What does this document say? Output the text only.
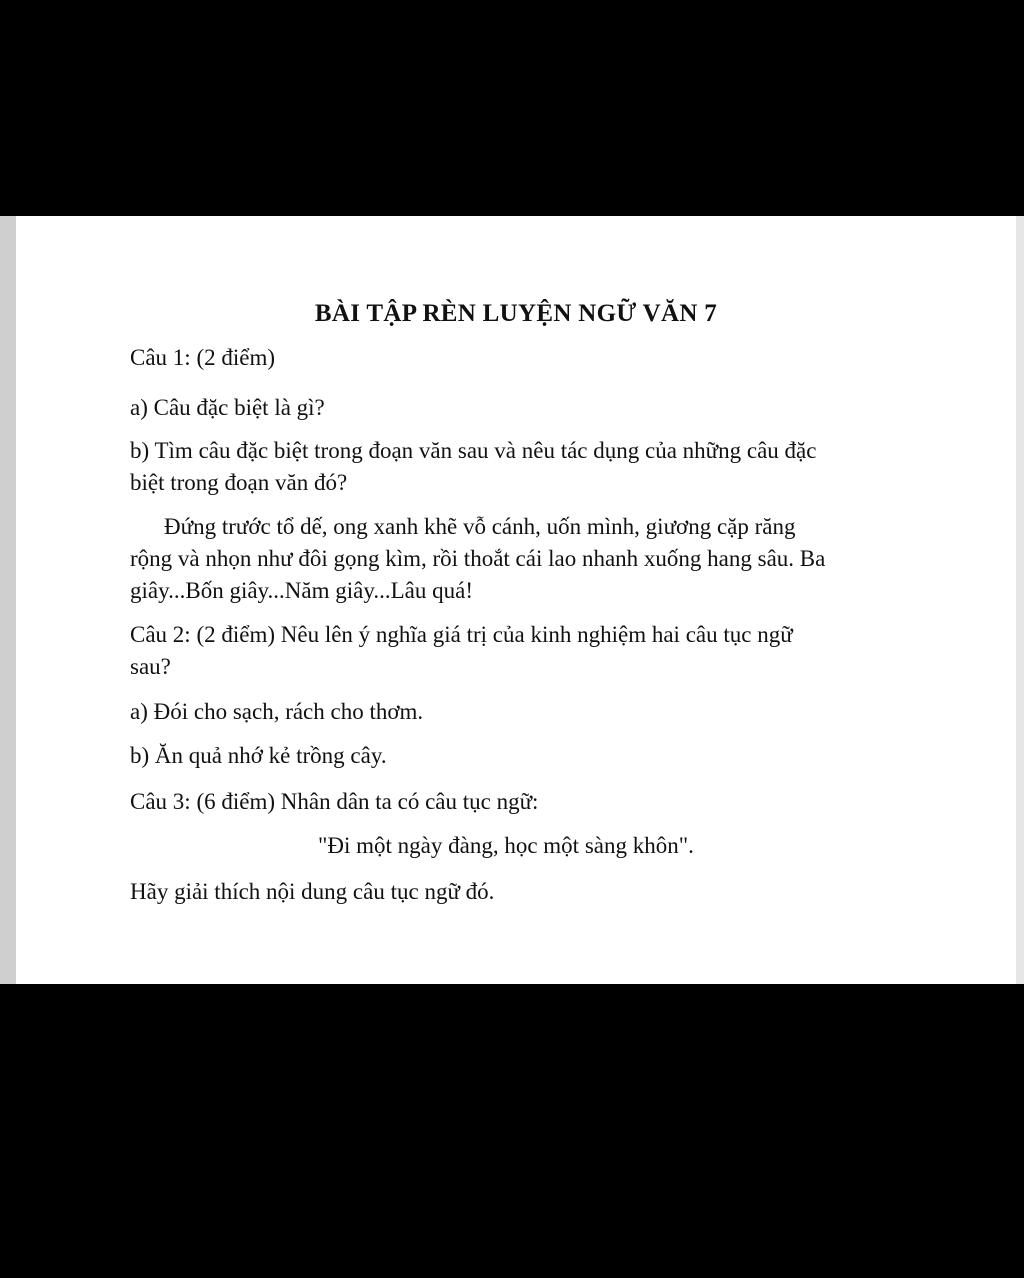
BÀI TẬP RÈN LUYỆN NGỮ VĂN 7
Câu 1: (2 điểm)
a) Câu đặc biệt là gì?
b) Tìm câu đặc biệt trong đoạn văn sau và nêu tác dụng của những câu đặc
biệt trong đoạn văn đó?
Đứng trước tổ dế, ong xanh khẽ vỗ cánh, uốn mình, giương cặp răng
rộng và nhọn như đôi gọng kìm, rồi thoắt cái lao nhanh xuống hang sâu. Ba
giây...Bốn giây...Năm giây...Lâu quá!
Câu 2: (2 điểm) Nêu lên ý nghĩa giá trị của kinh nghiệm hai câu tục ngữ
sau?
a) Đói cho sạch, rách cho thơm.
b) Ăn quả nhớ kẻ trồng cây.
Câu 3: (6 điểm) Nhân dân ta có câu tục ngữ:
"Đi một ngày đàng, học một sàng khôn".
Hãy giải thích nội dung câu tục ngữ đó.
